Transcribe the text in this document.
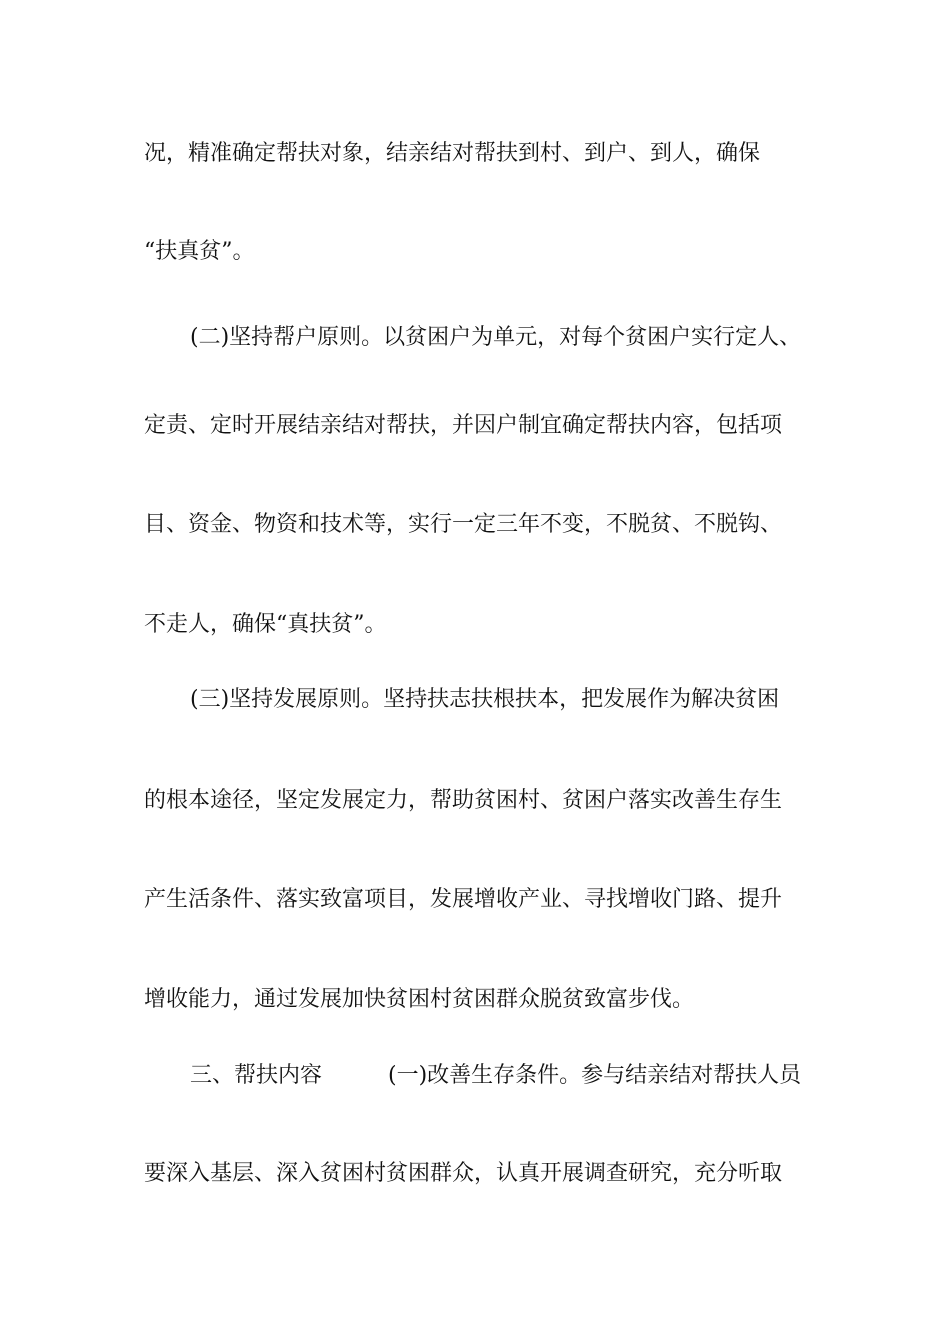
况，精准确定帮扶对象，结亲结对帮扶到村、到户、到人，确保
“扶真贫”。
(二)坚持帮户原则。以贫困户为单元，对每个贫困户实行定人、
定责、定时开展结亲结对帮扶，并因户制宜确定帮扶内容，包括项
目、资金、物资和技术等，实行一定三年不变，不脱贫、不脱钩、
不走人，确保“真扶贫”。
(三)坚持发展原则。坚持扶志扶根扶本，把发展作为解决贫困
的根本途径，坚定发展定力，帮助贫困村、贫困户落实改善生存生
产生活条件、落实致富项目，发展增收产业、寻找增收门路、提升
增收能力，通过发展加快贫困村贫困群众脱贫致富步伐。
三、帮扶内容　　　(一)改善生存条件。参与结亲结对帮扶人员
要深入基层、深入贫困村贫困群众，认真开展调查研究，充分听取
